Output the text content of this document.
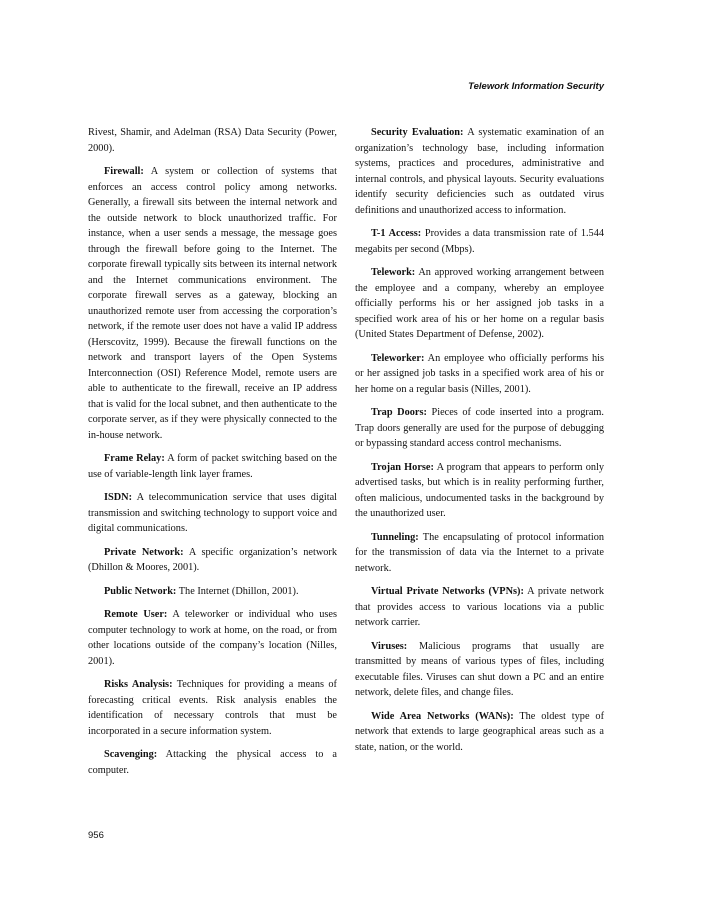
Telework Information Security

Rivest, Shamir, and Adelman (RSA) Data Security (Power, 2000).

Firewall: A system or collection of systems that enforces an access control policy among networks. Generally, a firewall sits between the internal network and the outside network to block unauthorized traffic. For instance, when a user sends a message, the message goes through the firewall before going to the Internet. The corporate firewall typically sits between its internal network and the Internet communications environment. The corporate firewall serves as a gateway, blocking an unauthorized remote user from accessing the corporation’s network, if the remote user does not have a valid IP address (Herscovitz, 1999). Because the firewall functions on the network and transport layers of the Open Systems Interconnection (OSI) Reference Model, remote users are able to authenticate to the firewall, receive an IP address that is valid for the local subnet, and then authenticate to the corporate server, as if they were physically connected to the in-house network.

Frame Relay: A form of packet switching based on the use of variable-length link layer frames.

ISDN: A telecommunication service that uses digital transmission and switching technology to support voice and digital communications.

Private Network: A specific organization’s network (Dhillon & Moores, 2001).

Public Network: The Internet (Dhillon, 2001).

Remote User: A teleworker or individual who uses computer technology to work at home, on the road, or from other locations outside of the company’s location (Nilles, 2001).

Risks Analysis: Techniques for providing a means of forecasting critical events. Risk analysis enables the identification of necessary controls that must be incorporated in a secure information system.

Scavenging: Attacking the physical access to a computer.

Security Evaluation: A systematic examination of an organization’s technology base, including information systems, practices and procedures, administrative and internal controls, and physical layouts. Security evaluations identify security deficiencies such as outdated virus definitions and unauthorized access to information.

T-1 Access: Provides a data transmission rate of 1.544 megabits per second (Mbps).

Telework: An approved working arrangement between the employee and a company, whereby an employee officially performs his or her assigned job tasks in a specified work area of his or her home on a regular basis (United States Department of Defense, 2002).

Teleworker: An employee who officially performs his or her assigned job tasks in a specified work area of his or her home on a regular basis (Nilles, 2001).

Trap Doors: Pieces of code inserted into a program. Trap doors generally are used for the purpose of debugging or bypassing standard access control mechanisms.

Trojan Horse: A program that appears to perform only advertised tasks, but which is in reality performing further, often malicious, undocumented tasks in the background by the unauthorized user.

Tunneling: The encapsulating of protocol information for the transmission of data via the Internet to a private network.

Virtual Private Networks (VPNs): A private network that provides access to various locations via a public network carrier.

Viruses: Malicious programs that usually are transmitted by means of various types of files, including executable files. Viruses can shut down a PC and an entire network, delete files, and change files.

Wide Area Networks (WANs): The oldest type of network that extends to large geographical areas such as a state, nation, or the world.

956
